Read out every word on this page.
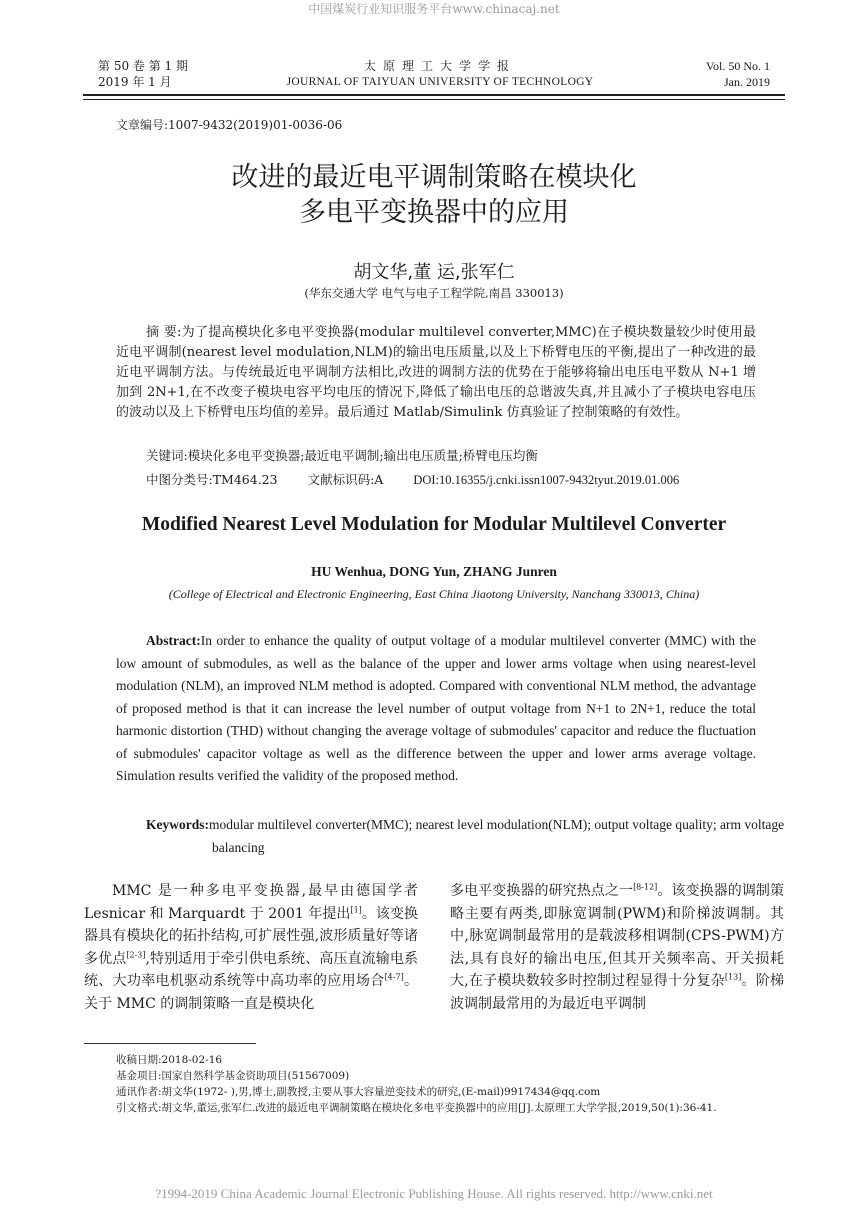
中国煤炭行业知识服务平台www.chinacaj.net
第 50 卷 第 1 期
2019 年 1 月
太原理工大学学报
JOURNAL OF TAIYUAN UNIVERSITY OF TECHNOLOGY
Vol. 50 No. 1
Jan. 2019
文章编号:1007-9432(2019)01-0036-06
改进的最近电平调制策略在模块化
多电平变换器中的应用
胡文华,董 运,张军仁
(华东交通大学 电气与电子工程学院,南昌 330013)
摘 要:为了提高模块化多电平变换器(modular multilevel converter,MMC)在子模块数量较少时使用最近电平调制(nearest level modulation,NLM)的输出电压质量,以及上下桥臂电压的平衡,提出了一种改进的最近电平调制方法。与传统最近电平调制方法相比,改进的调制方法的优势在于能够将输出电压电平数从 N+1 增加到 2N+1,在不改变子模块电容平均电压的情况下,降低了输出电压的总谐波失真,并且减小了子模块电容电压的波动以及上下桥臂电压均值的差异。最后通过 Matlab/Simulink 仿真验证了控制策略的有效性。
关键词:模块化多电平变换器;最近电平调制;输出电压质量;桥臂电压均衡
中图分类号:TM464.23 文献标识码:A DOI:10.16355/j.cnki.issn1007-9432tyut.2019.01.006
Modified Nearest Level Modulation for Modular Multilevel Converter
HU Wenhua, DONG Yun, ZHANG Junren
(College of Electrical and Electronic Engineering, East China Jiaotong University, Nanchang 330013, China)
Abstract:In order to enhance the quality of output voltage of a modular multilevel converter (MMC) with the low amount of submodules, as well as the balance of the upper and lower arms voltage when using nearest-level modulation (NLM), an improved NLM method is adopted. Compared with conventional NLM method, the advantage of proposed method is that it can increase the level number of output voltage from N+1 to 2N+1, reduce the total harmonic distortion (THD) without changing the average voltage of submodules' capacitor and reduce the fluctuation of submodules' capacitor voltage as well as the difference between the upper and lower arms average voltage. Simulation results verified the validity of the proposed method.
Keywords:modular multilevel converter(MMC); nearest level modulation(NLM); output voltage quality; arm voltage balancing
MMC 是一种多电平变换器,最早由德国学者 Lesnicar 和 Marquardt 于 2001 年提出[1]。该变换器具有模块化的拓扑结构,可扩展性强,波形质量好等诸多优点[2-3],特别适用于牵引供电系统、高压直流输电系统、大功率电机驱动系统等中高功率的应用场合[4-7]。关于 MMC 的调制策略一直是模块化
多电平变换器的研究热点之一[8-12]。该变换器的调制策略主要有两类,即脉宽调制(PWM)和阶梯波调制。其中,脉宽调制最常用的是载波移相调制(CPS-PWM)方法,具有良好的输出电压,但其开关频率高、开关损耗大,在子模块数较多时控制过程显得十分复杂[13]。阶梯波调制最常用的为最近电平调制
收稿日期:2018-02-16
基金项目:国家自然科学基金资助项目(51567009)
通讯作者:胡文华(1972- ),男,博士,副教授,主要从事大容量逆变技术的研究,(E-mail)9917434@qq.com
引文格式:胡文华,董运,张军仁.改进的最近电平调制策略在模块化多电平变换器中的应用[J].太原理工大学学报,2019,50(1):36-41.
?1994-2019 China Academic Journal Electronic Publishing House. All rights reserved. http://www.cnki.net
